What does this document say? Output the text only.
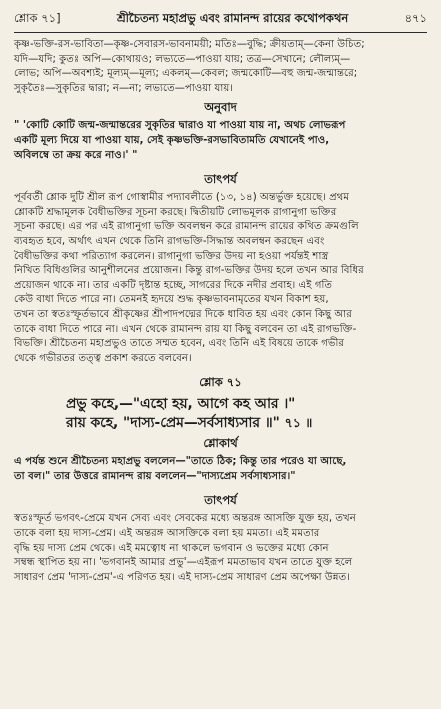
শ্লোক ৭১]	শ্রীচৈতন্য মহাপ্রভু এবং রামানন্দ রায়ের কথোপকথন	৪৭১

কৃষ্ণ-ভক্তি-রস-ভাবিতা—কৃষ্ণ-সেবারস-ভাবনাময়ী; মতিঃ—বুদ্ধি; ক্রীয়তাম্—কেনা উচিত;

যদি—যদি; কুতঃ অপি—কোথায়ও; লভ্যতে—পাওয়া যায়; তত্র—সেখানে; লৌল্যম্—

লোভ; অপি—অবশ্যই; মূল্যম্—মূল্য; একলম্—কেবল; জন্মকোটি—বহু জন্ম-জন্মান্তরে;

সুকৃতৈঃ—সুকৃতির দ্বারা; ন—না; লভ্যতে—পাওয়া যায়।

অনুবাদ

" 'কোটি কোটি জন্ম-জন্মান্তরের সুকৃতির দ্বারাও যা পাওয়া যায় না, অথচ লোভরূপ

একটি মূল্য দিয়ে যা পাওয়া যায়, সেই কৃষ্ণভক্তি-রসভাবিতামতি যেখানেই পাও,

অবিলম্বে তা ক্রয় করে নাও।' "

তাৎপর্য

পূর্ববর্তী শ্লোক দুটি শ্রীল রূপ গোস্বামীর পদ্যাবলীতে (১৩, ১৪) অন্তর্ভুক্ত হয়েছে। প্রথম

শ্লোকটি শ্রদ্ধামূলক বৈধীভক্তির সূচনা করছে। দ্বিতীয়টি লোভমূলক রাগানুগা ভক্তির

সূচনা করছে। এর পর এই রাগানুগা ভক্তি অবলম্বন করে রামানন্দ রায়ের কথিত ক্রমগুলি

ব্যবহৃত হবে, অর্থাৎ এখন থেকে তিনি রাগভক্তি-সিদ্ধান্ত অবলম্বন করছেন এবং

বৈধীভক্তির কথা পরিত্যাগ করলেন। রাগানুগা ভক্তির উদয় না হওয়া পর্যন্তই শাস্ত্র

নিখিত বিধিগুলির আনুশীলনের প্রয়োজন। কিন্তু রাগ-ভক্তির উদয় হলে তখন আর বিধির

প্রয়োজন থাকে না। তার একটি দৃষ্টান্ত হচ্ছে, সাগরের দিকে নদীর প্রবাহ। এই গতি

কেউ বাধা দিতে পারে না। তেমনই হৃদয়ে শুদ্ধ কৃষ্ণভাবনামৃতের যখন বিকাশ হয়,

তখন তা স্বতঃস্ফূর্তভাবে শ্রীকৃষ্ণের শ্রীপাদপদ্মের দিকে ধাবিত হয় এবং কোন কিছু আর

তাকে বাধা দিতে পারে না। এখন থেকে রামানন্দ রায় যা কিছু বলবেন তা এই রাগভক্তি-

বিভক্তি। শ্রীচৈতন্য মহাপ্রভুও তাতে সম্মত হবেন, এবং তিনি এই বিষয়ে তাকে গভীর

থেকে গভীরতর তত্ত্ব প্রকাশ করতে বলবেন।

শ্লোক ৭১
প্রভু কহে,—"এহো হয়, আগে কহ আর ।"
রায় কহে, "দাস্য-প্রেম—সর্বসাধ্যসার ॥" ৭১ ॥
শ্লোকার্থ

এ পর্যন্ত শুনে শ্রীচৈতন্য মহাপ্রভু বললেন—"তাতে ঠিক; কিন্তু তার পরেও যা আছে,

তা বল।" তার উত্তরে রামানন্দ রায় বললেন—"দাস্যপ্রেম সর্বসাধ্যসার।"

তাৎপর্য

স্বতঃস্ফূর্ত ভগবৎ-প্রেমে যখন সেব্য এবং সেবকের মধ্যে অন্তরঙ্গ আসক্তি যুক্ত হয়, তখন

তাকে বলা হয় দাস্য-প্রেম। এই অন্তরঙ্গ আসক্তিকে বলা হয় মমতা। এই মমতার

বৃদ্ধি হয় দাস্য প্রেম থেকে। এই মমত্বোধ না থাকলে ভগবান ও ভক্তের মধ্যে কোন

সম্বন্ধ স্থাপিত হয় না। 'ভগবানই আমার প্রভু'—এইরূপ মমতাভাব যখন তাতে যুক্ত হলে

সাধারণ প্রেম 'দাস্য-প্রেম'-এ পরিণত হয়। এই দাস্য-প্রেম সাধারণ প্রেম অপেক্ষা উন্নত।
